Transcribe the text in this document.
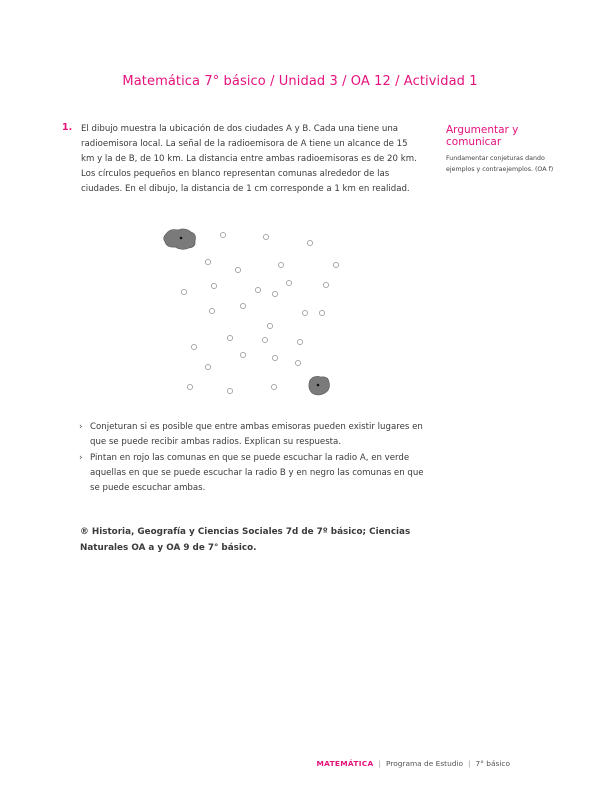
Matemática 7° básico / Unidad 3 / OA 12 / Actividad 1
1. El dibujo muestra la ubicación de dos ciudades A y B. Cada una tiene una radioemisora local. La señal de la radioemisora de A tiene un alcance de 15 km y la de B, de 10 km. La distancia entre ambas radioemisoras es de 20 km. Los círculos pequeños en blanco representan comunas alrededor de las ciudades. En el dibujo, la distancia de 1 cm corresponde a 1 km en realidad.
Argumentar y comunicar
Fundamentar conjeturas dando ejemplos y contraejemplos. (OA f)
› Conjeturan si es posible que entre ambas emisoras pueden existir lugares en que se puede recibir ambas radios. Explican su respuesta.
› Pintan en rojo las comunas en que se puede escuchar la radio A, en verde aquellas en que se puede escuchar la radio B y en negro las comunas en que se puede escuchar ambas.
® Historia, Geografía y Ciencias Sociales 7d de 7º básico; Ciencias Naturales OA a y OA 9 de 7° básico.
MATEMÁTICA | Programa de Estudio | 7° básico
